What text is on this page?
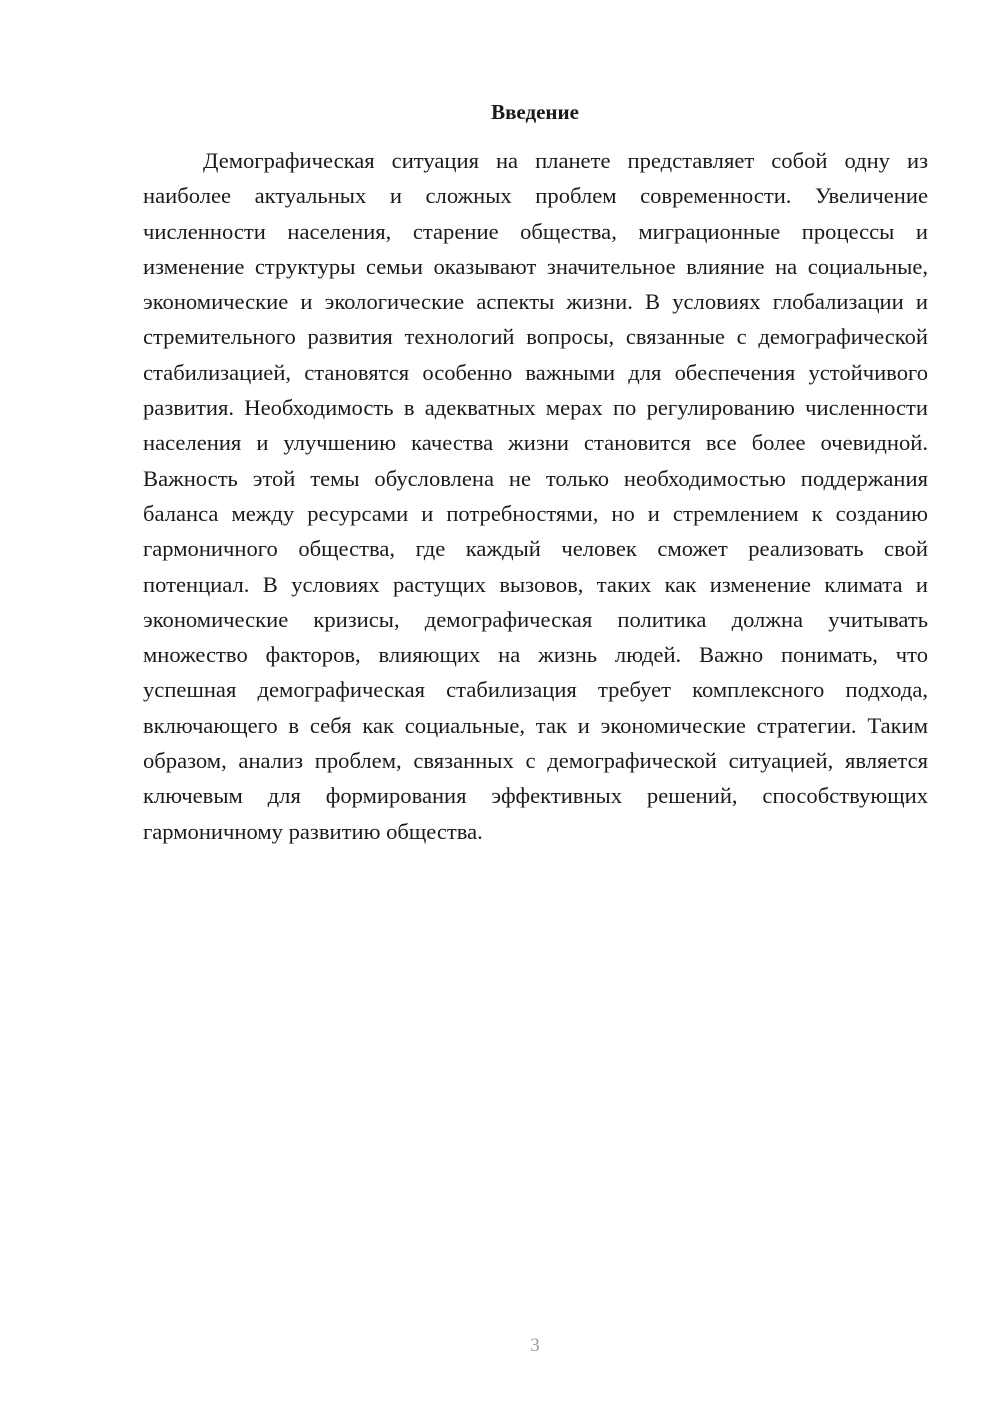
Введение

Демографическая ситуация на планете представляет собой одну из наиболее актуальных и сложных проблем современности. Увеличение численности населения, старение общества, миграционные процессы и изменение структуры семьи оказывают значительное влияние на социальные, экономические и экологические аспекты жизни. В условиях глобализации и стремительного развития технологий вопросы, связанные с демографической стабилизацией, становятся особенно важными для обеспечения устойчивого развития. Необходимость в адекватных мерах по регулированию численности населения и улучшению качества жизни становится все более очевидной. Важность этой темы обусловлена не только необходимостью поддержания баланса между ресурсами и потребностями, но и стремлением к созданию гармоничного общества, где каждый человек сможет реализовать свой потенциал. В условиях растущих вызовов, таких как изменение климата и экономические кризисы, демографическая политика должна учитывать множество факторов, влияющих на жизнь людей. Важно понимать, что успешная демографическая стабилизация требует комплексного подхода, включающего в себя как социальные, так и экономические стратегии. Таким образом, анализ проблем, связанных с демографической ситуацией, является ключевым для формирования эффективных решений, способствующих гармоничному развитию общества.

3
